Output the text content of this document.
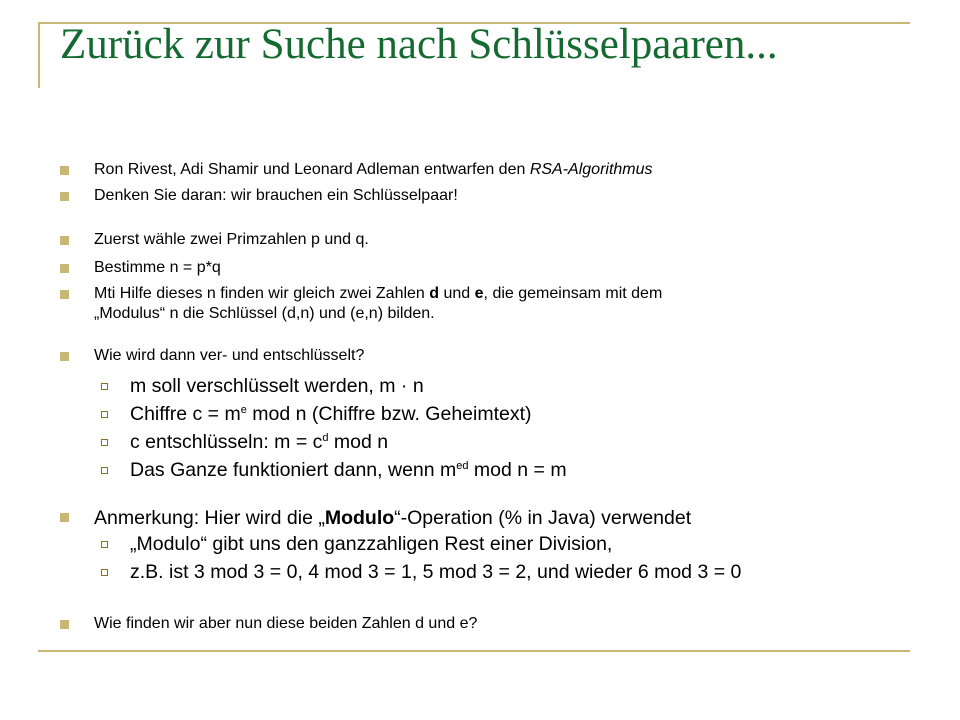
Zurück zur Suche nach Schlüsselpaaren...
Ron Rivest, Adi Shamir und Leonard Adleman entwarfen den RSA-Algorithmus
Denken Sie daran: wir brauchen ein Schlüsselpaar!
Zuerst wähle zwei Primzahlen p und q.
Bestimme n = p*q
Mti Hilfe dieses n finden wir gleich zwei Zahlen d und e, die gemeinsam mit dem
„Modulus“ n die Schlüssel (d,n) und (e,n) bilden.
Wie wird dann ver- und entschlüsselt?
m soll verschlüsselt werden, m · n
Chiffre $c = m^e$ mod n (Chiffre bzw. Geheimtext)
c entschlüsseln: $m = c^d$ mod n
Das Ganze funktioniert dann, wenn $m^{ed}$ mod n = m
Anmerkung: Hier wird die „Modulo“-Operation (% in Java) verwendet
„Modulo“ gibt uns den ganzzahligen Rest einer Division,
z.B. ist 3 mod 3 = 0, 4 mod 3 = 1, 5 mod 3 = 2, und wieder 6 mod 3 = 0
Wie finden wir aber nun diese beiden Zahlen d und e?
